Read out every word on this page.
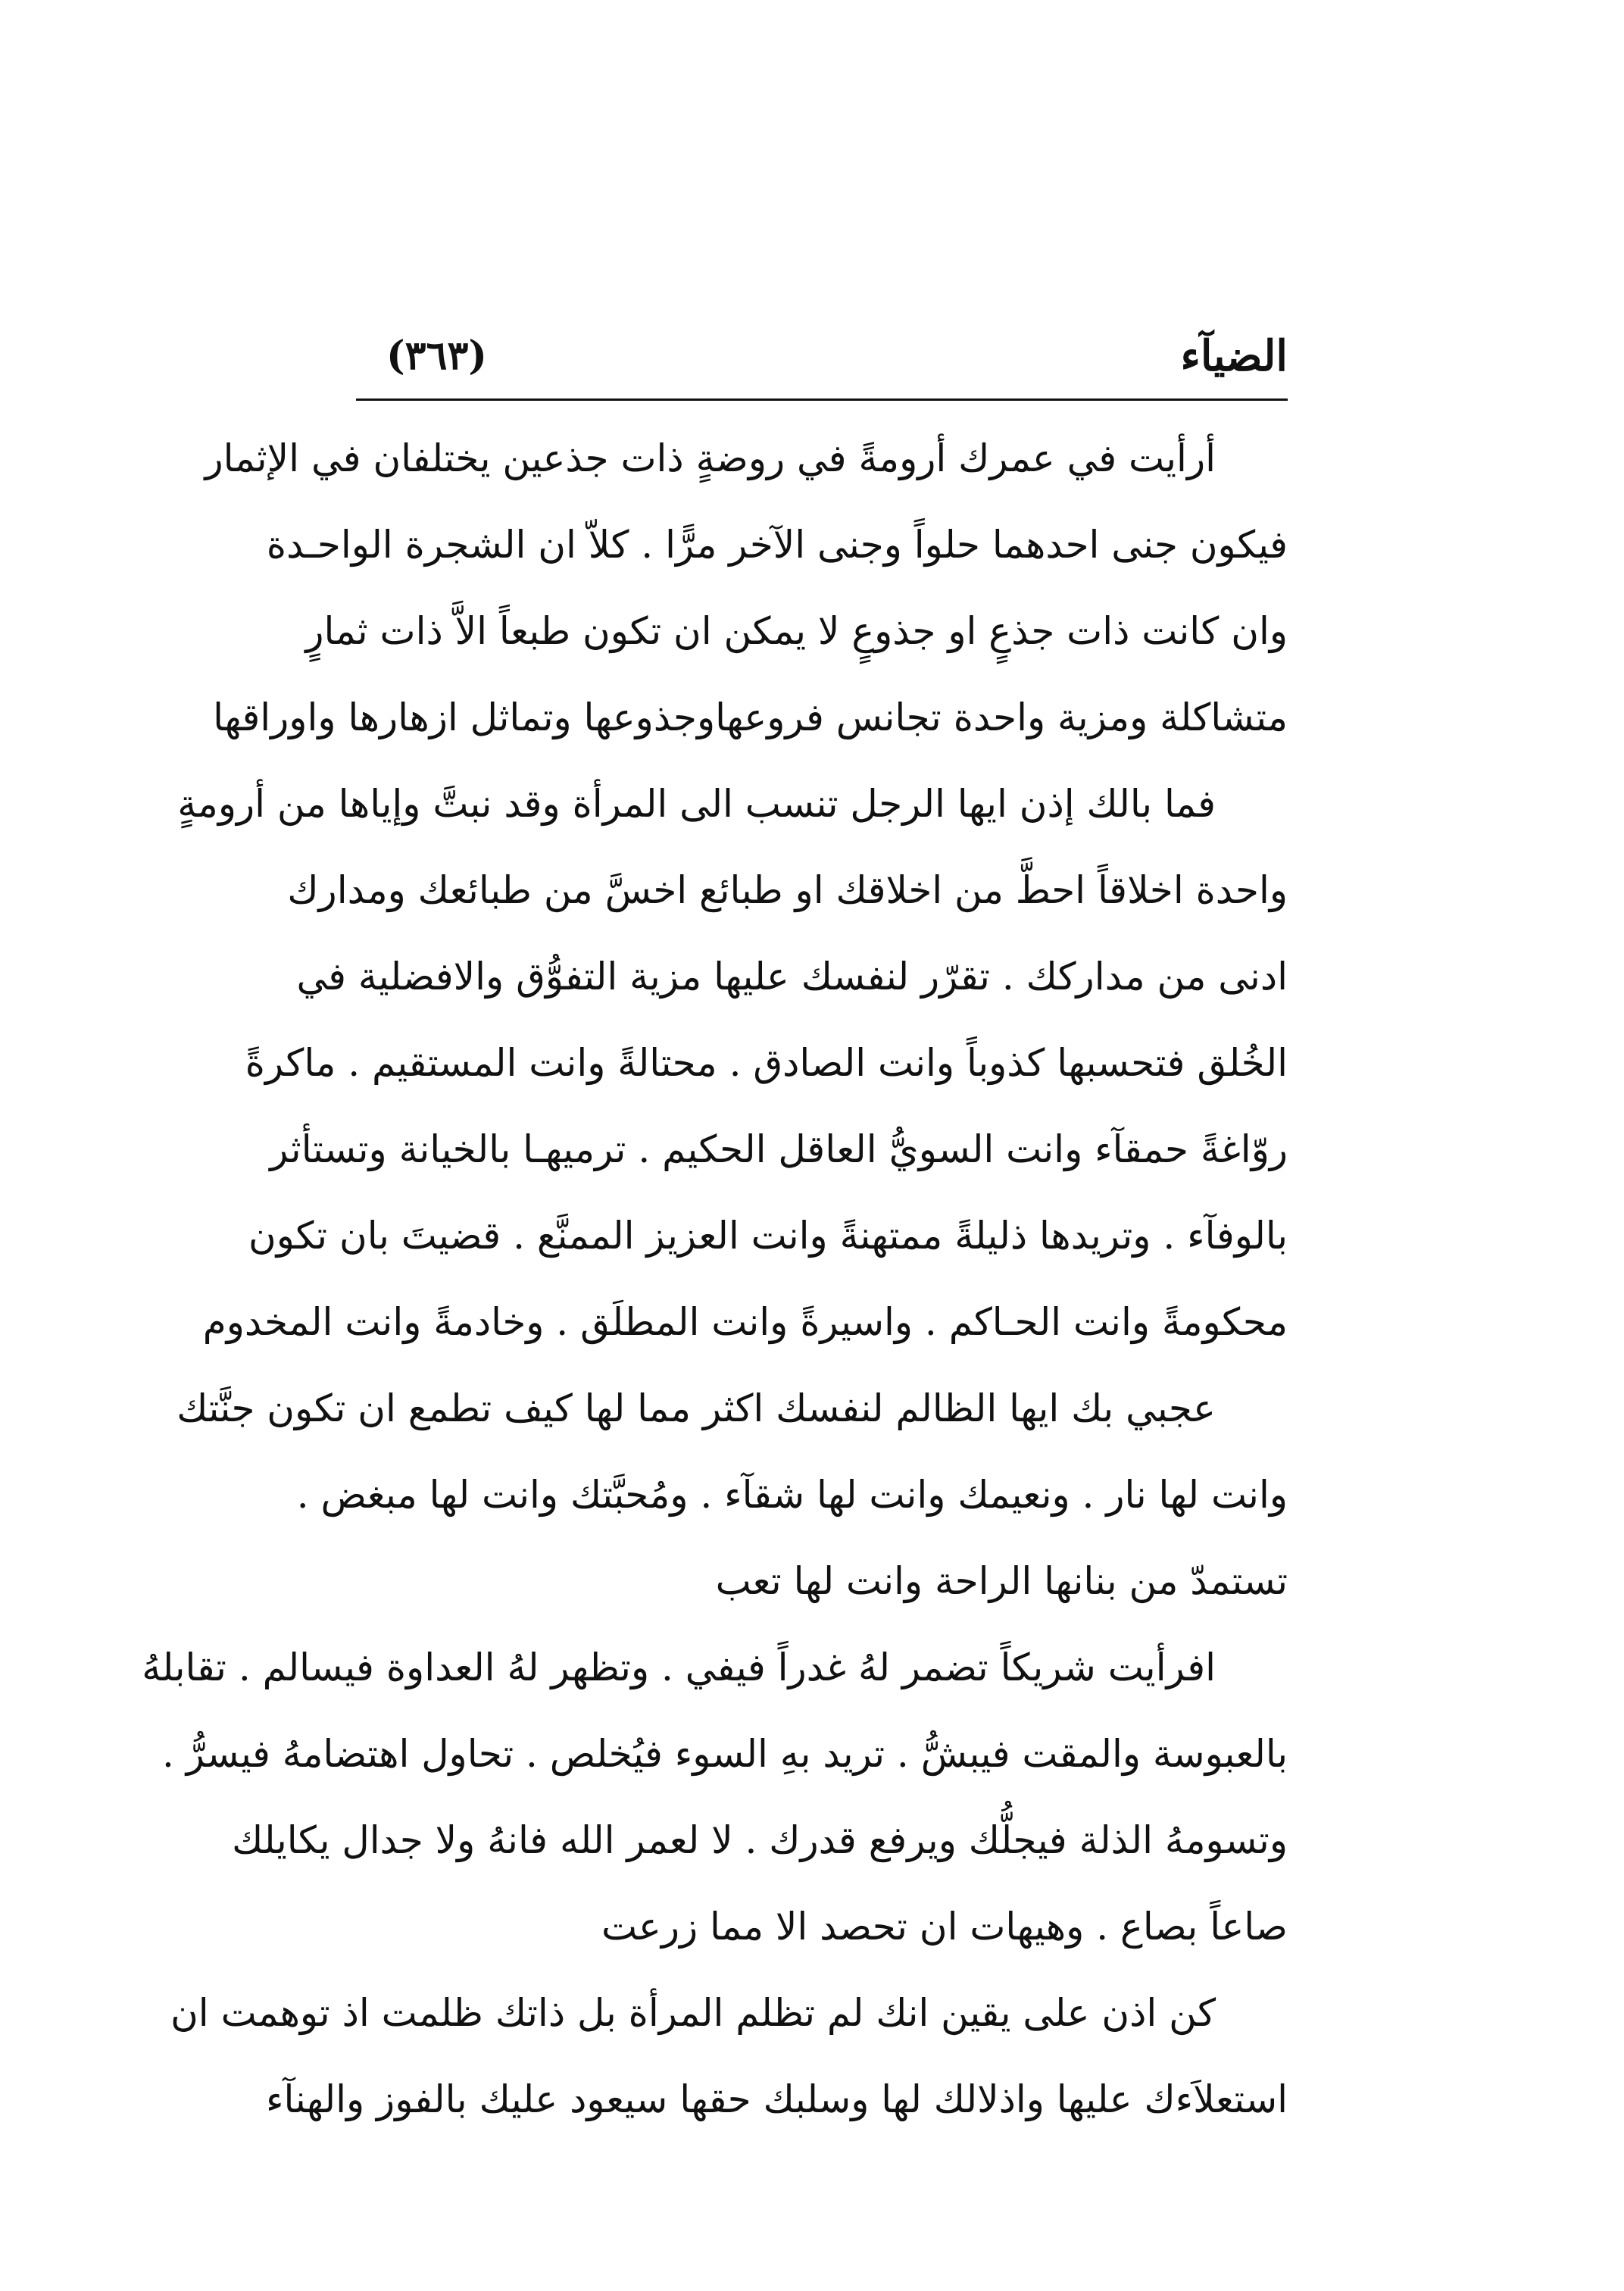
الضيآء
(٣٦٣)
أرأيت في عمرك أرومةً في روضةٍ ذات جذعين يختلفان في الإثمار
فيكون جنى احدهما حلواً وجنى الآخر مرًّا . كلاّ ان الشجرة الواحـدة
وان كانت ذات جذعٍ او جذوعٍ لا يمكن ان تكون طبعاً الاَّ ذات ثمارٍ
متشاكلة ومزية واحدة تجانس فروعهاوجذوعها وتماثل ازهارها واوراقها
فما بالك إذن ايها الرجل تنسب الى المرأة وقد نبتَّ وإياها من أرومةٍ
واحدة اخلاقاً احطَّ من اخلاقك او طبائع اخسَّ من طبائعك ومدارك
ادنى من مداركك . تقرّر لنفسك عليها مزية التفوُّق والافضلية في
الخُلق فتحسبها كذوباً وانت الصادق . محتالةً وانت المستقيم . ماكرةً
روّاغةً حمقآء وانت السويُّ العاقل الحكيم . ترميهـا بالخيانة وتستأثر
بالوفآء . وتريدها ذليلةً ممتهنةً وانت العزيز الممنَّع . قضيتَ بان تكون
محكومةً وانت الحـاكم . واسيرةً وانت المطلَق . وخادمةً وانت المخدوم
عجبي بك ايها الظالم لنفسك اكثر مما لها كيف تطمع ان تكون جنَّتك
وانت لها نار . ونعيمك وانت لها شقآء . ومُحبَّتك وانت لها مبغض .
تستمدّ من بنانها الراحة وانت لها تعب
افرأيت شريكاً تضمر لهُ غدراً فيفي . وتظهر لهُ العداوة فيسالم . تقابلهُ
بالعبوسة والمقت فيبشُّ . تريد بهِ السوء فيُخلص . تحاول اهتضامهُ فيسرُّ .
وتسومهُ الذلة فيجلُّك ويرفع قدرك . لا لعمر الله فانهُ ولا جدال يكايلك
صاعاً بصاع . وهيهات ان تحصد الا مما زرعت
كن اذن على يقين انك لم تظلم المرأة بل ذاتك ظلمت اذ توهمت ان
استعلاَءك عليها واذلالك لها وسلبك حقها سيعود عليك بالفوز والهنآء
